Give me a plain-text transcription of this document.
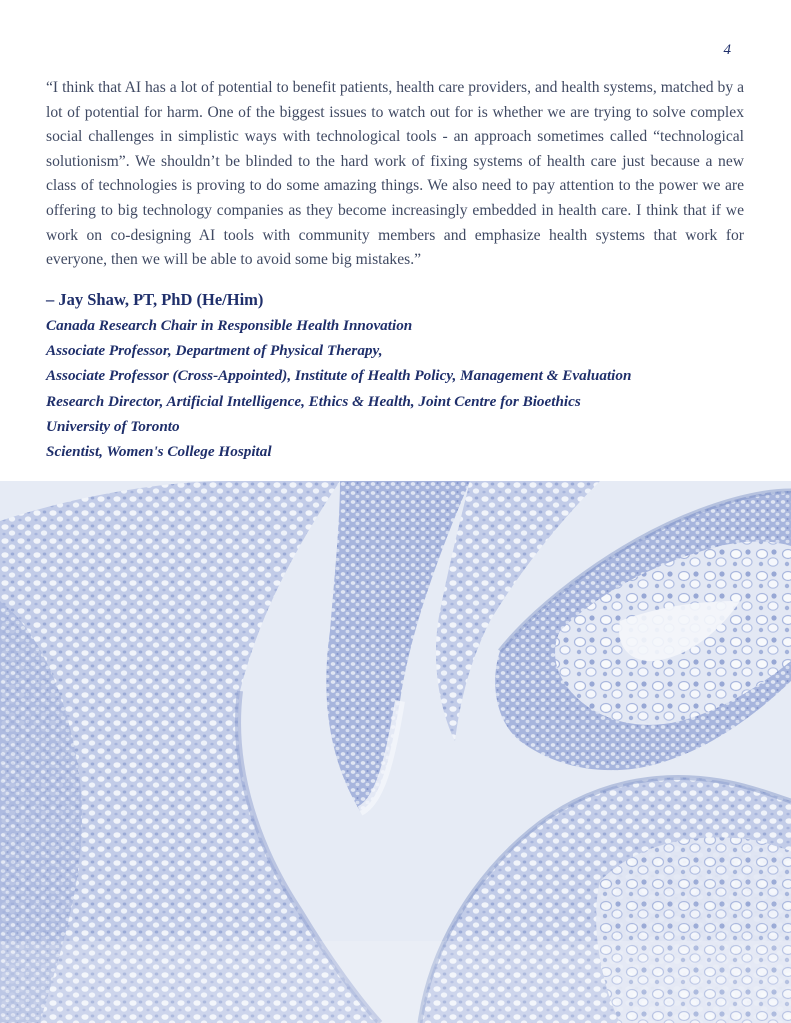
4

“I think that AI has a lot of potential to benefit patients, health care providers, and health systems, matched by a lot of potential for harm. One of the biggest issues to watch out for is whether we are trying to solve complex social challenges in simplistic ways with technological tools - an approach sometimes called “technological solutionism”. We shouldn’t be blinded to the hard work of fixing systems of health care just because a new class of technologies is proving to do some amazing things. We also need to pay attention to the power we are offering to big technology companies as they become increasingly embedded in health care. I think that if we work on co-designing AI tools with community members and emphasize health systems that work for everyone, then we will be able to avoid some big mistakes.”

– Jay Shaw, PT, PhD (He/Him)
Canada Research Chair in Responsible Health Innovation
Associate Professor, Department of Physical Therapy,
Associate Professor (Cross-Appointed), Institute of Health Policy, Management & Evaluation
Research Director, Artificial Intelligence, Ethics & Health, Joint Centre for Bioethics
University of Toronto
Scientist, Women's College Hospital
